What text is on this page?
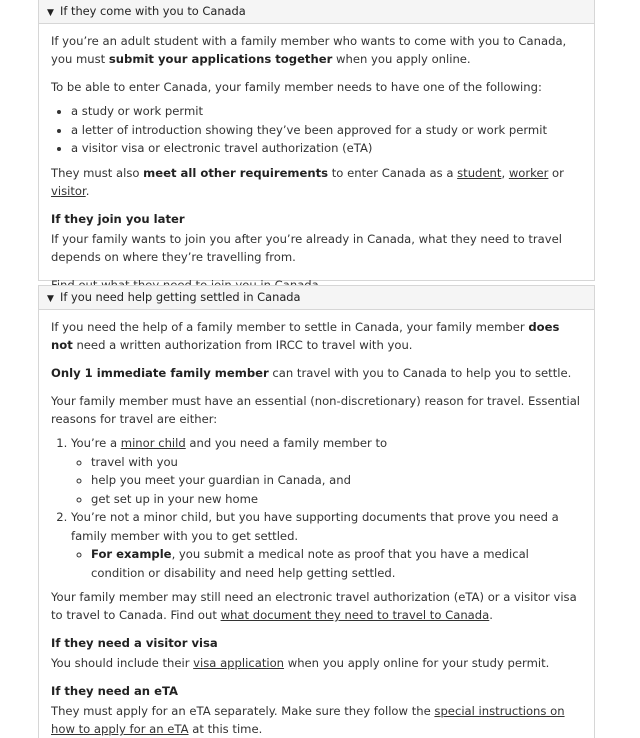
▼ If they come with you to Canada

If you’re an adult student with a family member who wants to come with you to Canada, you must submit your applications together when you apply online.

To be able to enter Canada, your family member needs to have one of the following:

• a study or work permit
• a letter of introduction showing they’ve been approved for a study or work permit
• a visitor visa or electronic travel authorization (eTA)

They must also meet all other requirements to enter Canada as a student, worker or visitor.

If they join you later

If your family wants to join you after you’re already in Canada, what they need to travel depends on where they’re travelling from.

▼ If you need help getting settled in Canada

If you need the help of a family member to settle in Canada, your family member does not need a written authorization from IRCC to travel with you.

Only 1 immediate family member can travel with you to Canada to help you to settle.

Your family member must have an essential (non-discretionary) reason for travel. Essential reasons for travel are either:

1. You’re a minor child and you need a family member to
◦ travel with you
◦ help you meet your guardian in Canada, and
◦ get set up in your new home
2. You’re not a minor child, but you have supporting documents that prove you need a family member with you to get settled.
◦ For example, you submit a medical note as proof that you have a medical condition or disability and need help getting settled.

Your family member may still need an electronic travel authorization (eTA) or a visitor visa to travel to Canada. Find out what document they need to travel to Canada.

If they need a visitor visa

You should include their visa application when you apply online for your study permit.

If they need an eTA

They must apply for an eTA separately. Make sure they follow the special instructions on how to apply for an eTA at this time.
